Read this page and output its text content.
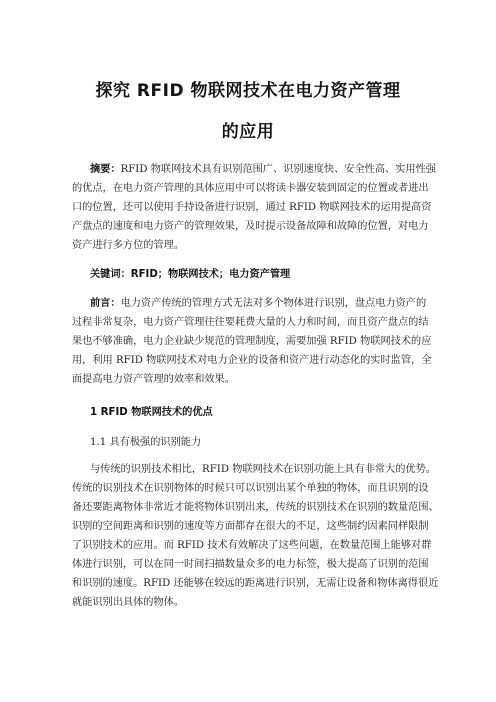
探究 RFID 物联网技术在电力资产管理
的应用
摘要：RFID 物联网技术具有识别范围广、识别速度快、安全性高、实用性强
的优点，在电力资产管理的具体应用中可以将读卡器安装到固定的位置或者进出
口的位置，还可以使用手持设备进行识别，通过 RFID 物联网技术的运用提高资
产盘点的速度和电力资产的管理效果，及时提示设备故障和故障的位置，对电力
资产进行多方位的管理。
关键词：RFID；物联网技术；电力资产管理
前言：电力资产传统的管理方式无法对多个物体进行识别，盘点电力资产的
过程非常复杂，电力资产管理往往要耗费大量的人力和时间，而且资产盘点的结
果也不够准确，电力企业缺少规范的管理制度，需要加强 RFID 物联网技术的应
用，利用 RFID 物联网技术对电力企业的设备和资产进行动态化的实时监管，全
面提高电力资产管理的效率和效果。
1 RFID 物联网技术的优点
1.1 具有极强的识别能力
与传统的识别技术相比，RFID 物联网技术在识别功能上具有非常大的优势。
传统的识别技术在识别物体的时候只可以识别出某个单独的物体，而且识别的设
备还要距离物体非常近才能将物体识别出来，传统的识别技术在识别的数量范围、
识别的空间距离和识别的速度等方面都存在很大的不足，这些制约因素同样限制
了识别技术的应用。而 RFID 技术有效解决了这些问题，在数量范围上能够对群
体进行识别，可以在同一时间扫描数量众多的电力标签，极大提高了识别的范围
和识别的速度。RFID 还能够在较远的距离进行识别，无需让设备和物体离得很近
就能识别出具体的物体。
